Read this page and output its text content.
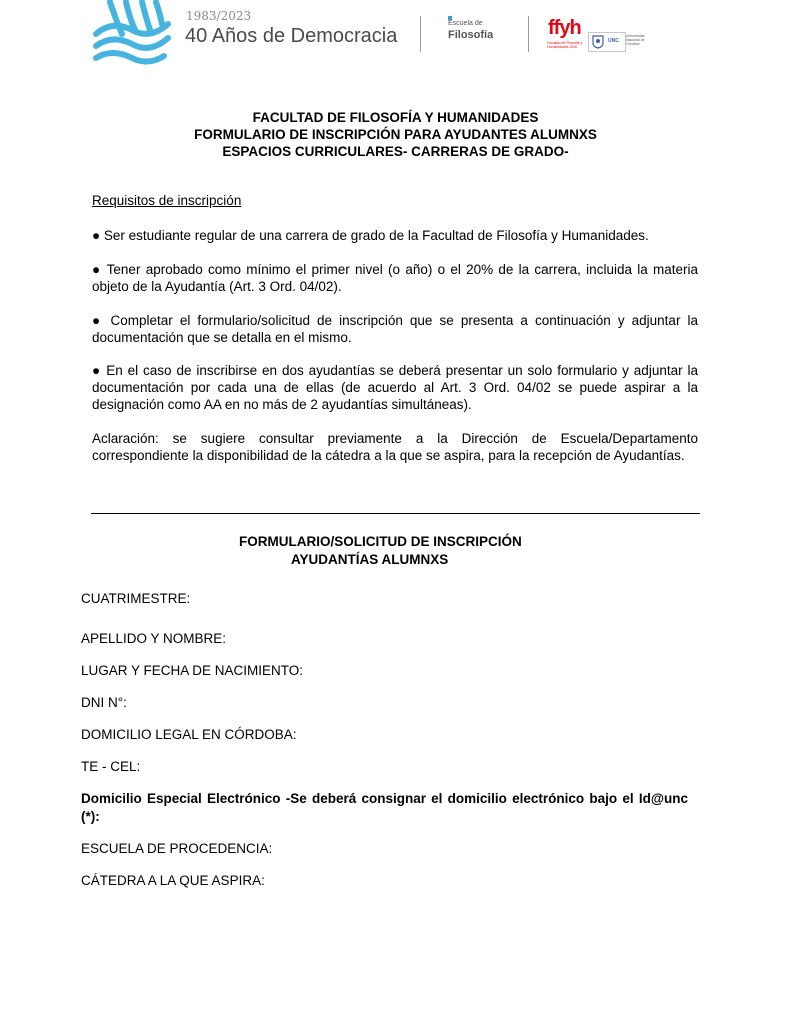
1983/2023
40 Años de Democracia
Escuela de
Filosofía	ffyh
Facultad de Filosofía y Humanidades UNC
UNC
Universidad Nacional de Córdoba
FACULTAD DE FILOSOFÍA Y HUMANIDADES
FORMULARIO DE INSCRIPCIÓN PARA AYUDANTES ALUMNXS
ESPACIOS CURRICULARES- CARRERAS DE GRADO-
Requisitos de inscripción
● Ser estudiante regular de una carrera de grado de la Facultad de Filosofía y Humanidades.
● Tener aprobado como mínimo el primer nivel (o año) o el 20% de la carrera, incluida la materia objeto de la Ayudantía (Art. 3 Ord. 04/02).
● Completar el formulario/solicitud de inscripción que se presenta a continuación y adjuntar la documentación que se detalla en el mismo.
● En el caso de inscribirse en dos ayudantías se deberá presentar un solo formulario y adjuntar la documentación por cada una de ellas (de acuerdo al Art. 3 Ord. 04/02 se puede aspirar a la designación como AA en no más de 2 ayudantías simultáneas).
Aclaración: se sugiere consultar previamente a la Dirección de Escuela/Departamento correspondiente la disponibilidad de la cátedra a la que se aspira, para la recepción de Ayudantías.
FORMULARIO/SOLICITUD DE INSCRIPCIÓN
AYUDANTÍAS ALUMNXS
CUATRIMESTRE:
APELLIDO Y NOMBRE:
LUGAR Y FECHA DE NACIMIENTO:
DNI N°:
DOMICILIO LEGAL EN CÓRDOBA:
TE - CEL:
Domicilio Especial Electrónico -Se deberá consignar el domicilio electrónico bajo el Id@unc (*):
ESCUELA DE PROCEDENCIA:
CÁTEDRA A LA QUE ASPIRA:
